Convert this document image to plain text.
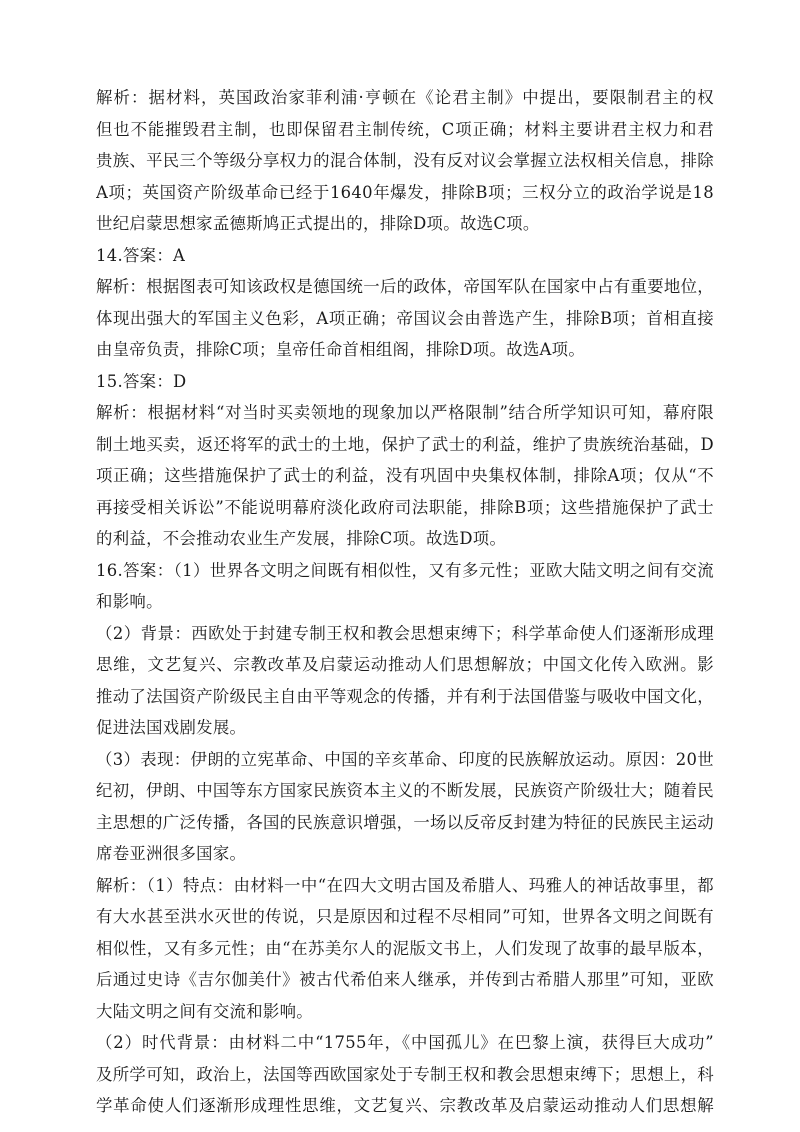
解析：据材料，英国政治家菲利浦·亨顿在《论君主制》中提出，要限制君主的权
但也不能摧毁君主制，也即保留君主制传统，C项正确；材料主要讲君主权力和君
贵族、平民三个等级分享权力的混合体制，没有反对议会掌握立法权相关信息，排除
A项；英国资产阶级革命已经于1640年爆发，排除B项；三权分立的政治学说是18
世纪启蒙思想家孟德斯鸠正式提出的，排除D项。故选C项。
14.答案：A
解析：根据图表可知该政权是德国统一后的政体，帝国军队在国家中占有重要地位，
体现出强大的军国主义色彩，A项正确；帝国议会由普选产生，排除B项；首相直接
由皇帝负责，排除C项；皇帝任命首相组阁，排除D项。故选A项。
15.答案：D
解析：根据材料“对当时买卖领地的现象加以严格限制”结合所学知识可知，幕府限
制土地买卖，返还将军的武士的土地，保护了武士的利益，维护了贵族统治基础，D
项正确；这些措施保护了武士的利益，没有巩固中央集权体制，排除A项；仅从“不
再接受相关诉讼”不能说明幕府淡化政府司法职能，排除B项；这些措施保护了武士
的利益，不会推动农业生产发展，排除C项。故选D项。
16.答案：（1）世界各文明之间既有相似性，又有多元性；亚欧大陆文明之间有交流
和影响。
（2）背景：西欧处于封建专制王权和教会思想束缚下；科学革命使人们逐渐形成理
思维，文艺复兴、宗教改革及启蒙运动推动人们思想解放；中国文化传入欧洲。影
推动了法国资产阶级民主自由平等观念的传播，并有利于法国借鉴与吸收中国文化，
促进法国戏剧发展。
（3）表现：伊朗的立宪革命、中国的辛亥革命、印度的民族解放运动。原因：20世
纪初，伊朗、中国等东方国家民族资本主义的不断发展，民族资产阶级壮大；随着民
主思想的广泛传播，各国的民族意识增强，一场以反帝反封建为特征的民族民主运动
席卷亚洲很多国家。
解析：（1）特点：由材料一中“在四大文明古国及希腊人、玛雅人的神话故事里，都
有大水甚至洪水灭世的传说，只是原因和过程不尽相同”可知，世界各文明之间既有
相似性，又有多元性；由“在苏美尔人的泥版文书上，人们发现了故事的最早版本，
后通过史诗《吉尔伽美什》被古代希伯来人继承，并传到古希腊人那里”可知，亚欧
大陆文明之间有交流和影响。
（2）时代背景：由材料二中“1755年，《中国孤儿》在巴黎上演，获得巨大成功”
及所学可知，政治上，法国等西欧国家处于专制王权和教会思想束缚下；思想上，科
学革命使人们逐渐形成理性思维，文艺复兴、宗教改革及启蒙运动推动人们思想解
